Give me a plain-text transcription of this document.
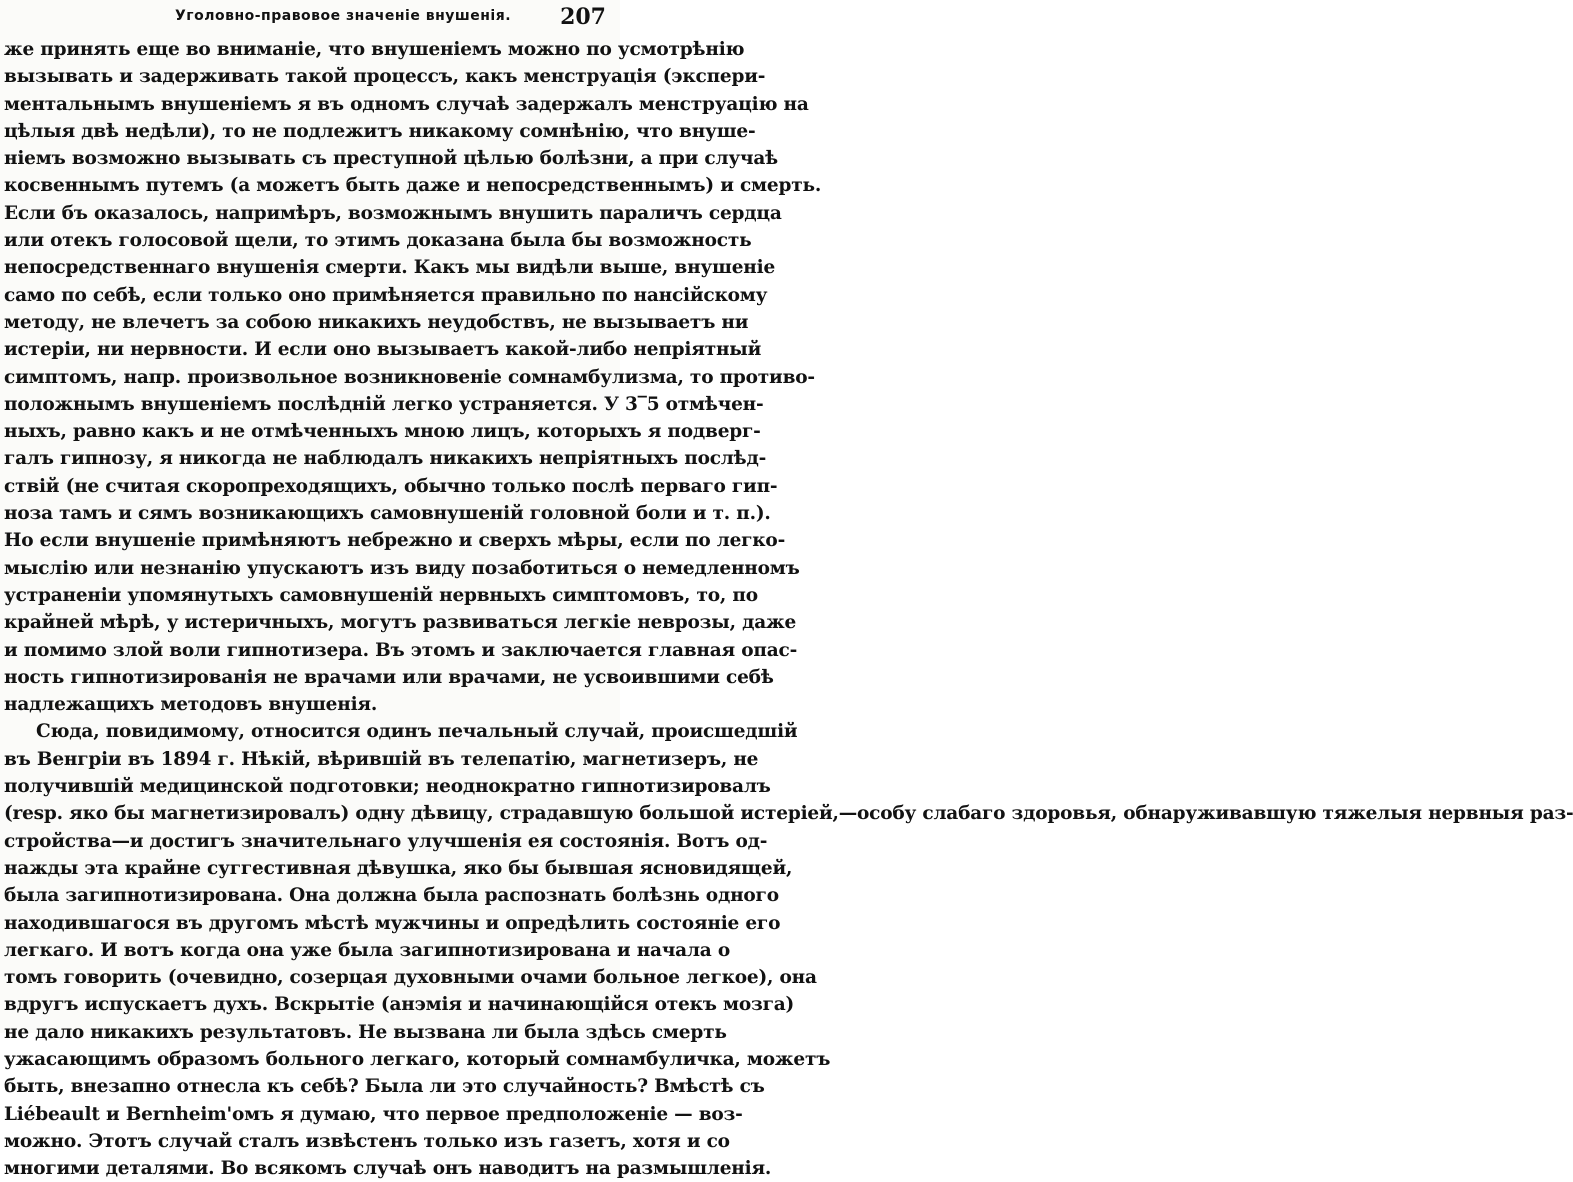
Уголовно-правовое значеніе внушенія. 207
же принять еще во вниманіе, что внушеніемъ можно по усмотрѣнію
вызывать и задерживать такой процессъ, какъ менструація (экспери-
ментальнымъ внушеніемъ я въ одномъ случаѣ задержалъ менструацію на
цѣлыя двѣ недѣли), то не подлежитъ никакому сомнѣнію, что внуше-
ніемъ возможно вызывать съ преступной цѣлью болѣзни, а при случаѣ
косвеннымъ путемъ (а можетъ быть даже и непосредственнымъ) и смерть.
Если бъ оказалось, напримѣръ, возможнымъ внушить параличъ сердца
или отекъ голосовой щели, то этимъ доказана была бы возможность
непосредственнаго внушенія смерти. Какъ мы видѣли выше, внушеніе
само по себѣ, если только оно примѣняется правильно по нансійскому
методу, не влечетъ за собою никакихъ неудобствъ, не вызываетъ ни
истеріи, ни нервности. И если оно вызываетъ какой-либо непріятный
симптомъ, напр. произвольное возникновеніе сомнамбулизма, то противо-
положнымъ внушеніемъ послѣдній легко устраняется. У 3‾5 отмѣчен-
ныхъ, равно какъ и не отмѣченныхъ мною лицъ, которыхъ я подверг-
галъ гипнозу, я никогда не наблюдалъ никакихъ непріятныхъ послѣд-
ствій (не считая скоропреходящихъ, обычно только послѣ перваго гип-
ноза тамъ и сямъ возникающихъ самовнушеній головной боли и т. п.).
Но если внушеніе примѣняютъ небрежно и сверхъ мѣры, если по легко-
мыслію или незнанію упускаютъ изъ виду позаботиться о немедленномъ
устраненіи упомянутыхъ самовнушеній нервныхъ симптомовъ, то, по
крайней мѣрѣ, у истеричныхъ, могутъ развиваться легкіе неврозы, даже
и помимо злой воли гипнотизера. Въ этомъ и заключается главная опас-
ность гипнотизированія не врачами или врачами, не усвоившими себѣ
надлежащихъ методовъ внушенія.
Сюда, повидимому, относится одинъ печальный случай, происшедшій
въ Венгріи въ 1894 г. Нѣкій, вѣрившій въ телепатію, магнетизеръ, не
получившій медицинской подготовки; неоднократно гипнотизировалъ
(resp. яко бы магнетизировалъ) одну дѣвицу, страдавшую большой истеріей,—особу слабаго здоровья, обнаруживавшую тяжелыя нервныя раз-
стройства—и достигъ значительнаго улучшенія ея состоянія. Вотъ од-
нажды эта крайне суггестивная дѣвушка, яко бы бывшая ясновидящей,
была загипнотизирована. Она должна была распознать болѣзнь одного
находившагося въ другомъ мѣстѣ мужчины и опредѣлить состояніе его
легкаго. И вотъ когда она уже была загипнотизирована и начала о
томъ говорить (очевидно, созерцая духовными очами больное легкое), она
вдругъ испускаетъ духъ. Вскрытіе (анэмія и начинающійся отекъ мозга)
не дало никакихъ результатовъ. Не вызвана ли была здѣсь смерть
ужасающимъ образомъ больного легкаго, который сомнамбуличка, можетъ
быть, внезапно отнесла къ себѣ? Была ли это случайность? Вмѣстѣ съ
Liébeault и Bernheim'омъ я думаю, что первое предположеніе — воз-
можно. Этотъ случай сталъ извѣстенъ только изъ газетъ, хотя и со
многими деталями. Во всякомъ случаѣ онъ наводитъ на размышленія.
